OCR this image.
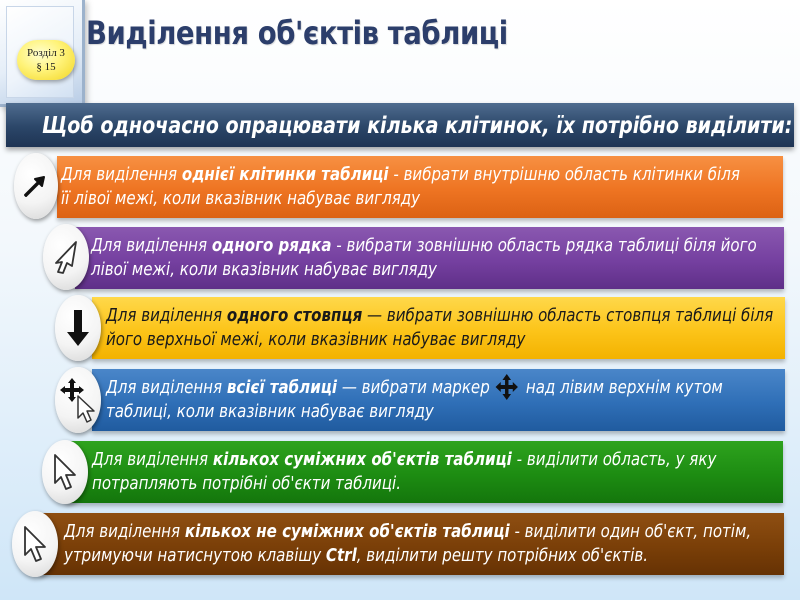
Розділ 3
§ 15
Виділення об'єктів таблиці
Щоб одночасно опрацювати кілька клітинок, їх потрібно виділити:
Для виділення однієї клітинки таблиці - вибрати внутрішню область клітинки біля її лівої межі, коли вказівник набуває вигляду
Для виділення одного рядка - вибрати зовнішню область рядка таблиці біля його лівої межі, коли вказівник набуває вигляду
Для виділення одного стовпця — вибрати зовнішню область стовпця таблиці біля його верхньої межі, коли вказівник набуває вигляду
Для виділення всієї таблиці — вибрати маркер над лівим верхнім кутом таблиці, коли вказівник набуває вигляду
Для виділення кількох суміжних об'єктів таблиці - виділити область, у яку потрапляють потрібні об'єкти таблиці.
Для виділення кількох не суміжних об'єктів таблиці - виділити один об'єкт, потім, утримуючи натиснутою клавішу Ctrl, виділити решту потрібних об'єктів.
